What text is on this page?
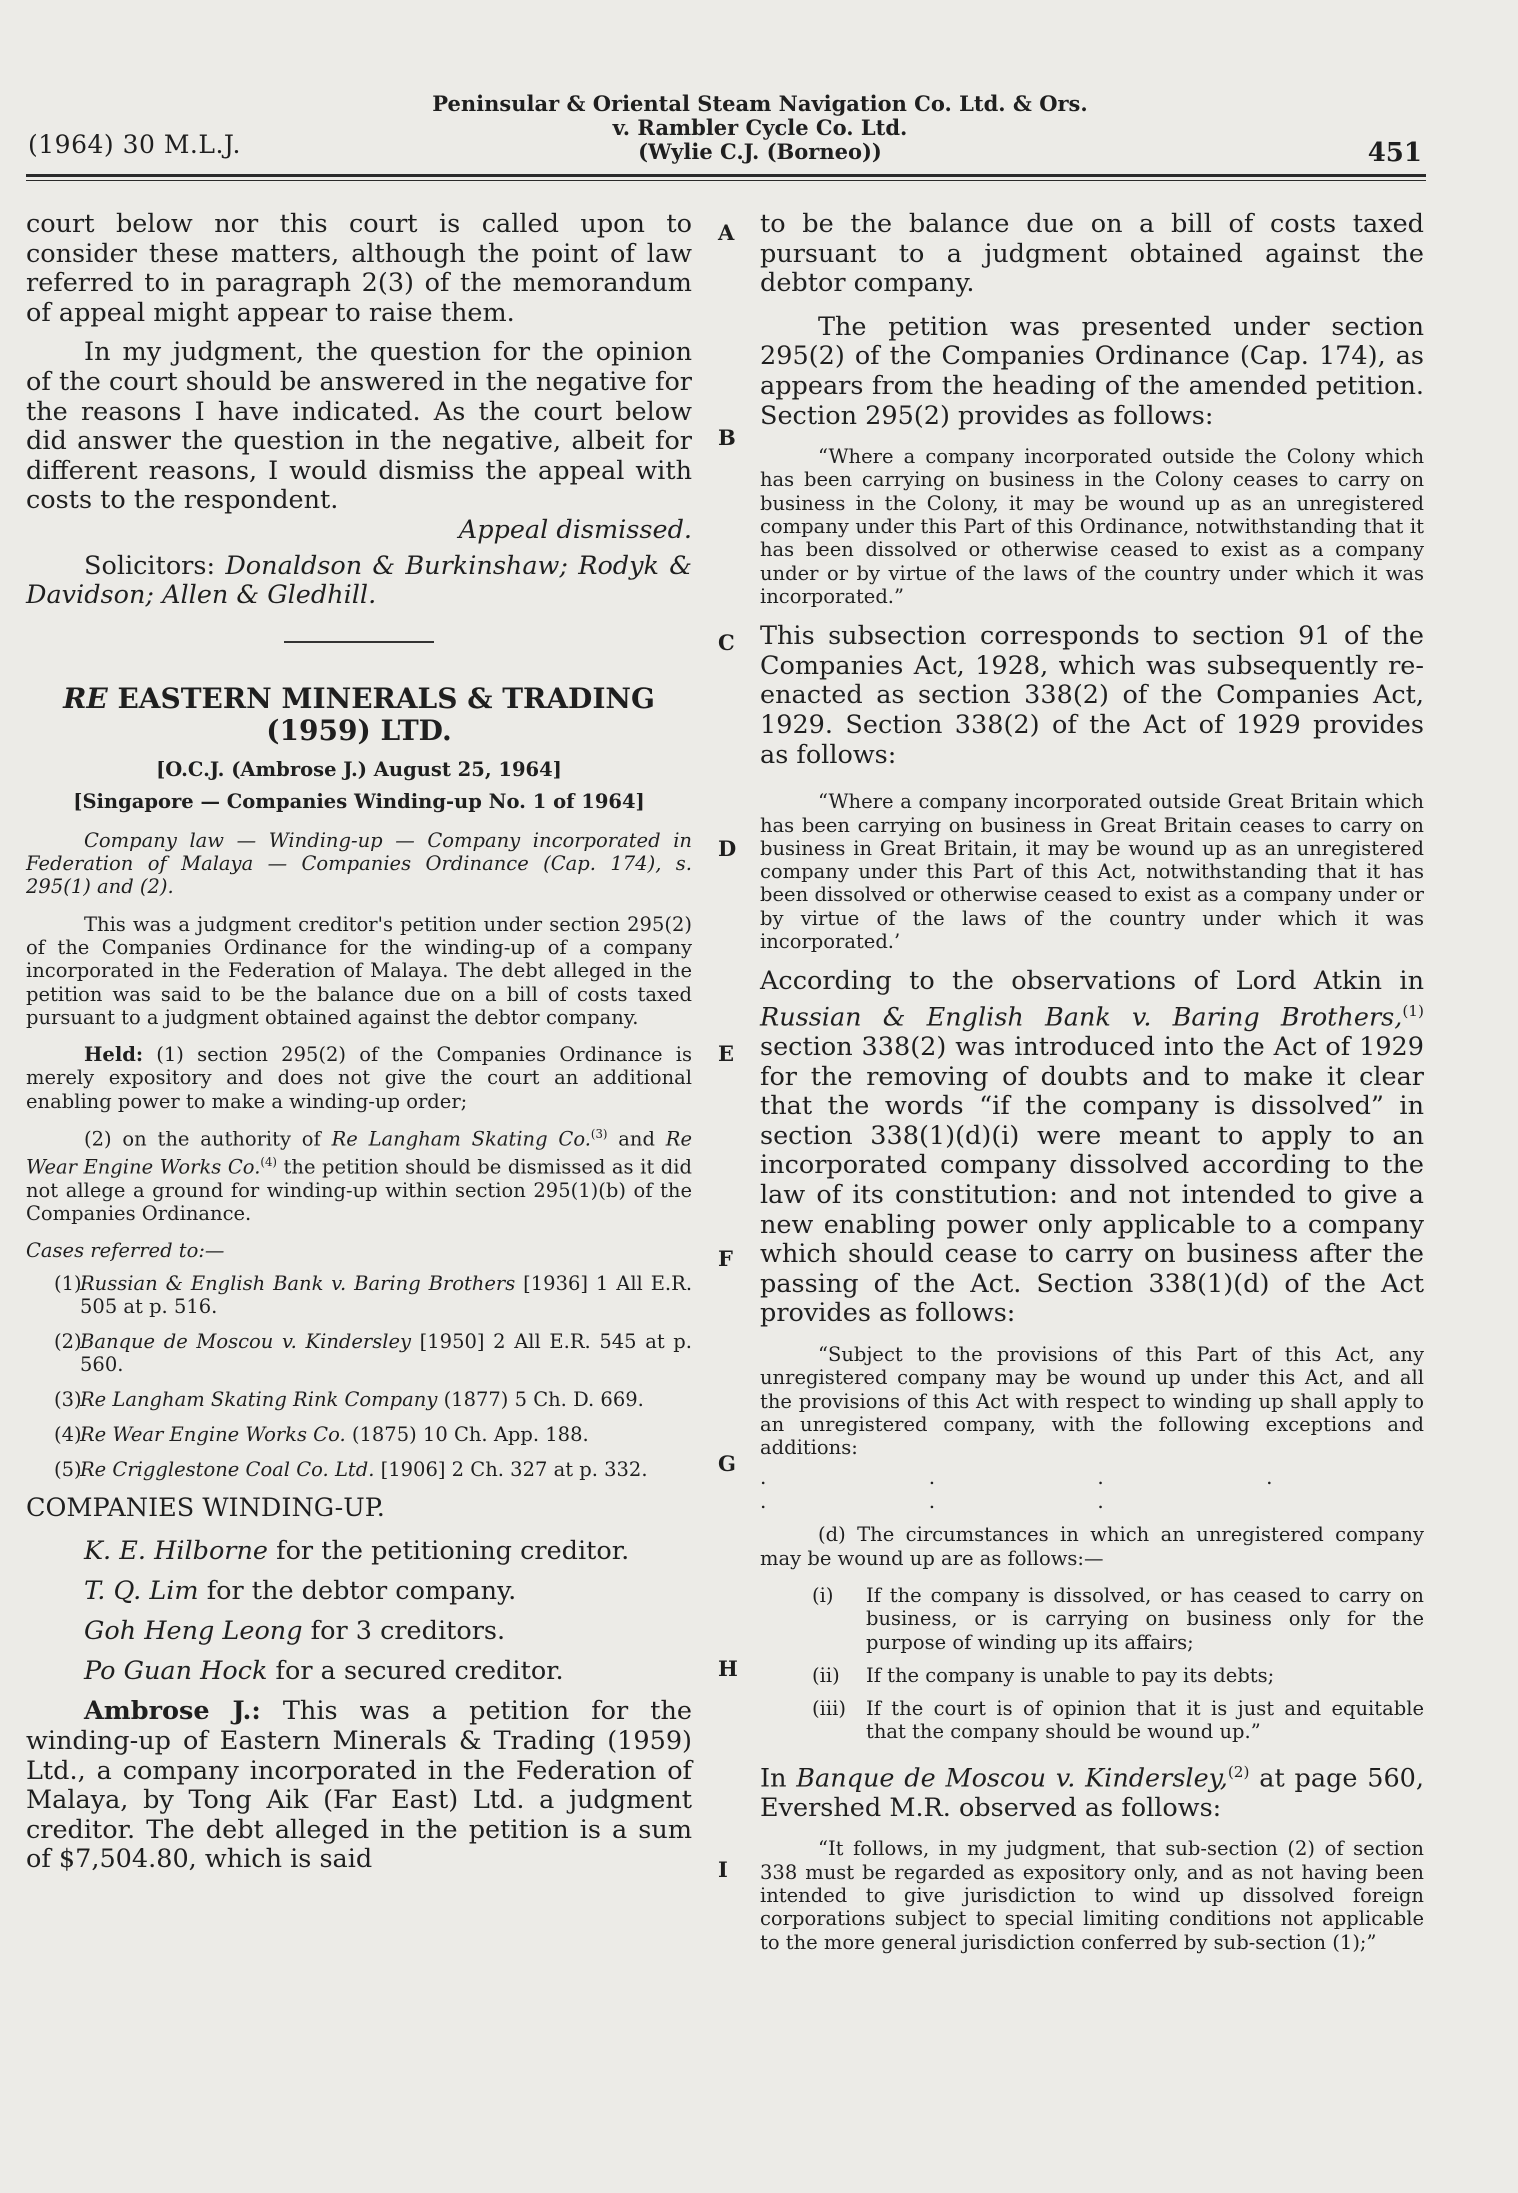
(1964) 30 M.L.J.
Peninsular & Oriental Steam Navigation Co. Ltd. & Ors.
v. Rambler Cycle Co. Ltd.
(Wylie C.J. (Borneo))	451
A
B
C
D
E
F
G
H
I

court below nor this court is called upon to consider these matters, although the point of law referred to in paragraph 2(3) of the memorandum of appeal might appear to raise them.

In my judgment, the question for the opinion of the court should be answered in the negative for the reasons I have indicated. As the court below did answer the question in the negative, albeit for different reasons, I would dismiss the appeal with costs to the respondent.

Appeal dismissed.

Solicitors: Donaldson & Burkinshaw; Rodyk & Davidson; Allen & Gledhill.

RE EASTERN MINERALS & TRADING (1959) LTD.

[O.C.J. (Ambrose J.) August 25, 1964]

[Singapore — Companies Winding-up No. 1 of 1964]

Company law — Winding-up — Company incorporated in Federation of Malaya — Companies Ordinance (Cap. 174), s. 295(1) and (2).

This was a judgment creditor's petition under section 295(2) of the Companies Ordinance for the winding-up of a company incorporated in the Federation of Malaya. The debt alleged in the petition was said to be the balance due on a bill of costs taxed pursuant to a judgment obtained against the debtor company.

Held: (1) section 295(2) of the Companies Ordinance is merely expository and does not give the court an additional enabling power to make a winding-up order;

(2) on the authority of Re Langham Skating Co.$^{(3)}$ and Re Wear Engine Works Co.$^{(4)}$ the petition should be dismissed as it did not allege a ground for winding-up within section 295(1)(b) of the Companies Ordinance.

Cases referred to:—

(1)
Russian & English Bank v. Baring Brothers [1936] 1 All E.R. 505 at p. 516.
(2)
Banque de Moscou v. Kindersley [1950] 2 All E.R. 545 at p. 560.
(3)
Re Langham Skating Rink Company (1877) 5 Ch. D. 669.
(4)
Re Wear Engine Works Co. (1875) 10 Ch. App. 188.
(5)
Re Crigglestone Coal Co. Ltd. [1906] 2 Ch. 327 at p. 332.

COMPANIES WINDING-UP.

K. E. Hilborne for the petitioning creditor.

T. Q. Lim for the debtor company.

Goh Heng Leong for 3 creditors.

Po Guan Hock for a secured creditor.

Ambrose J.: This was a petition for the winding-up of Eastern Minerals & Trading (1959) Ltd., a company incorporated in the Federation of Malaya, by Tong Aik (Far East) Ltd. a judgment creditor. The debt alleged in the petition is a sum of $7,504.80, which is said

to be the balance due on a bill of costs taxed pursuant to a judgment obtained against the debtor company.

The petition was presented under section 295(2) of the Companies Ordinance (Cap. 174), as appears from the heading of the amended petition. Section 295(2) provides as follows:

“Where a company incorporated outside the Colony which has been carrying on business in the Colony ceases to carry on business in the Colony, it may be wound up as an unregistered company under this Part of this Ordinance, notwithstanding that it has been dissolved or otherwise ceased to exist as a company under or by virtue of the laws of the country under which it was incorporated.”

This subsection corresponds to section 91 of the Companies Act, 1928, which was subsequently re-enacted as section 338(2) of the Companies Act, 1929. Section 338(2) of the Act of 1929 provides as follows:

“Where a company incorporated outside Great Britain which has been carrying on business in Great Britain ceases to carry on business in Great Britain, it may be wound up as an unregistered company under this Part of this Act, notwithstanding that it has been dissolved or otherwise ceased to exist as a company under or by virtue of the laws of the country under which it was incorporated.’

According to the observations of Lord Atkin in Russian & English Bank v. Baring Brothers,$^{(1)}$ section 338(2) was introduced into the Act of 1929 for the removing of doubts and to make it clear that the words “if the company is dissolved” in section 338(1)(d)(i) were meant to apply to an incorporated company dissolved according to the law of its constitution: and not intended to give a new enabling power only applicable to a company which should cease to carry on business after the passing of the Act. Section 338(1)(d) of the Act provides as follows:

“Subject to the provisions of this Part of this Act, any unregistered company may be wound up under this Act, and all the provisions of this Act with respect to winding up shall apply to an unregistered company, with the following exceptions and additions:

. . . . . . .

(d) The circumstances in which an unregistered company may be wound up are as follows:—

(i) If the company is dissolved, or has ceased to carry on business, or is carrying on business only for the purpose of winding up its affairs;

(ii) If the company is unable to pay its debts;

(iii) If the court is of opinion that it is just and equitable that the company should be wound up.”

In Banque de Moscou v. Kindersley,$^{(2)}$ at page 560, Evershed M.R. observed as follows:

“It follows, in my judgment, that sub-section (2) of section 338 must be regarded as expository only, and as not having been intended to give jurisdiction to wind up dissolved foreign corporations subject to special limiting conditions not applicable to the more general jurisdiction conferred by sub-section (1);”
